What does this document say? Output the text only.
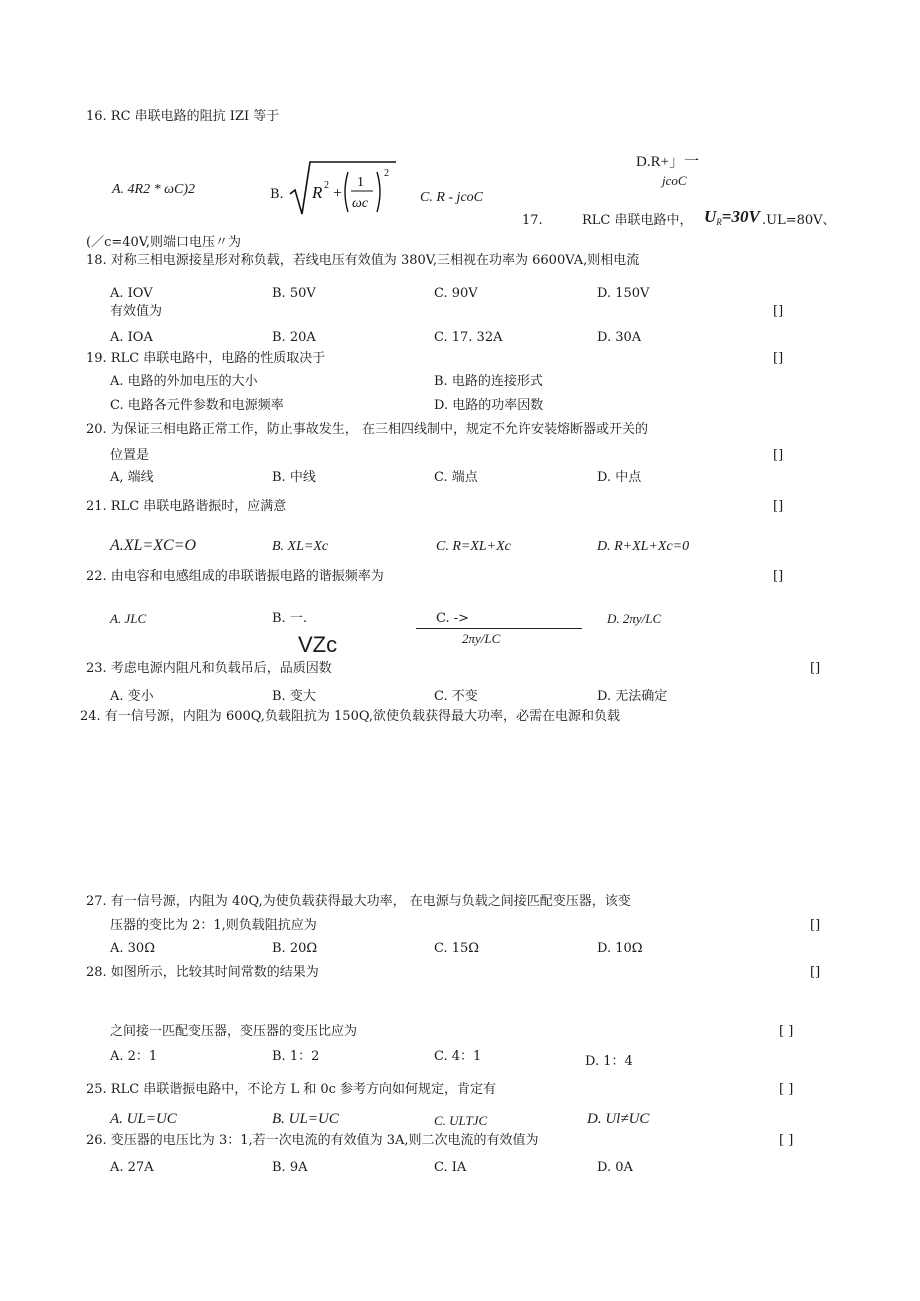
16. RC 串联电路的阻抗 IZI 等于
A. 4R2 * ωC)2	B. R 2 +
1
ωc
2
C. R - jcoC
D.R+」一
jcoC
17.	RLC 串联电路中， $U_R=30V$ .UL=80V、
(／c=40V,则端口电压〃为
18. 对称三相电源接星形对称负载，若线电压有效值为 380V,三相视在功率为 6600VA,则相电流
A. IOV	B. 50V	C. 90V	D. 150V
有效值为	[]
A. IOA	B. 20A	C. 17. 32A	D. 30A
19. RLC 串联电路中，电路的性质取决于	[]
A. 电路的外加电压的大小	B. 电路的连接形式
C. 电路各元件参数和电源频率	D. 电路的功率因数
20. 为保证三相电路正常工作，防止事故发生， 在三相四线制中，规定不允许安装熔断器或开关的
位置是	[]
A, 端线	B. 中线	C. 端点	D. 中点
21. RLC 串联电路谐振时，应满意	[]
A.XL=XC=O	B. XL=Xc	C. R=XL+Xc	D. R+XL+Xc=0
22. 由电容和电感组成的串联谐振电路的谐振频率为	[]
A. JLC	B. 一.
VZc
C. ->
2πy/LC
D. 2πy/LC
23. 考虑电源内阻凡和负载吊后，品质因数	[]
A. 变小	B. 变大	C. 不变	D. 无法确定
24. 有一信号源，内阻为 600Q,负载阻抗为 150Q,欲使负载获得最大功率，必需在电源和负载
27. 有一信号源，内阻为 40Q,为使负载获得最大功率， 在电源与负载之间接匹配变压器，该变
压器的变比为 2：1,则负载阻抗应为	[]
A. 30Ω	B. 20Ω	C. 15Ω	D. 10Ω
28. 如图所示，比较其时间常数的结果为	[]
之间接一匹配变压器，变压器的变压比应为	[ ]
A. 2：1	B. 1：2	C. 4：1	D. 1：4
25. RLC 串联谐振电路中，不论方 L 和 0c 参考方向如何规定，肯定有	[ ]
A. UL=UC	B. UL=UC	C. ULTJC	D. Ul≠UC
26. 变压器的电压比为 3：1,若一次电流的有效值为 3A,则二次电流的有效值为	[ ]
A. 27A	B. 9A	C. IA	D. 0A
